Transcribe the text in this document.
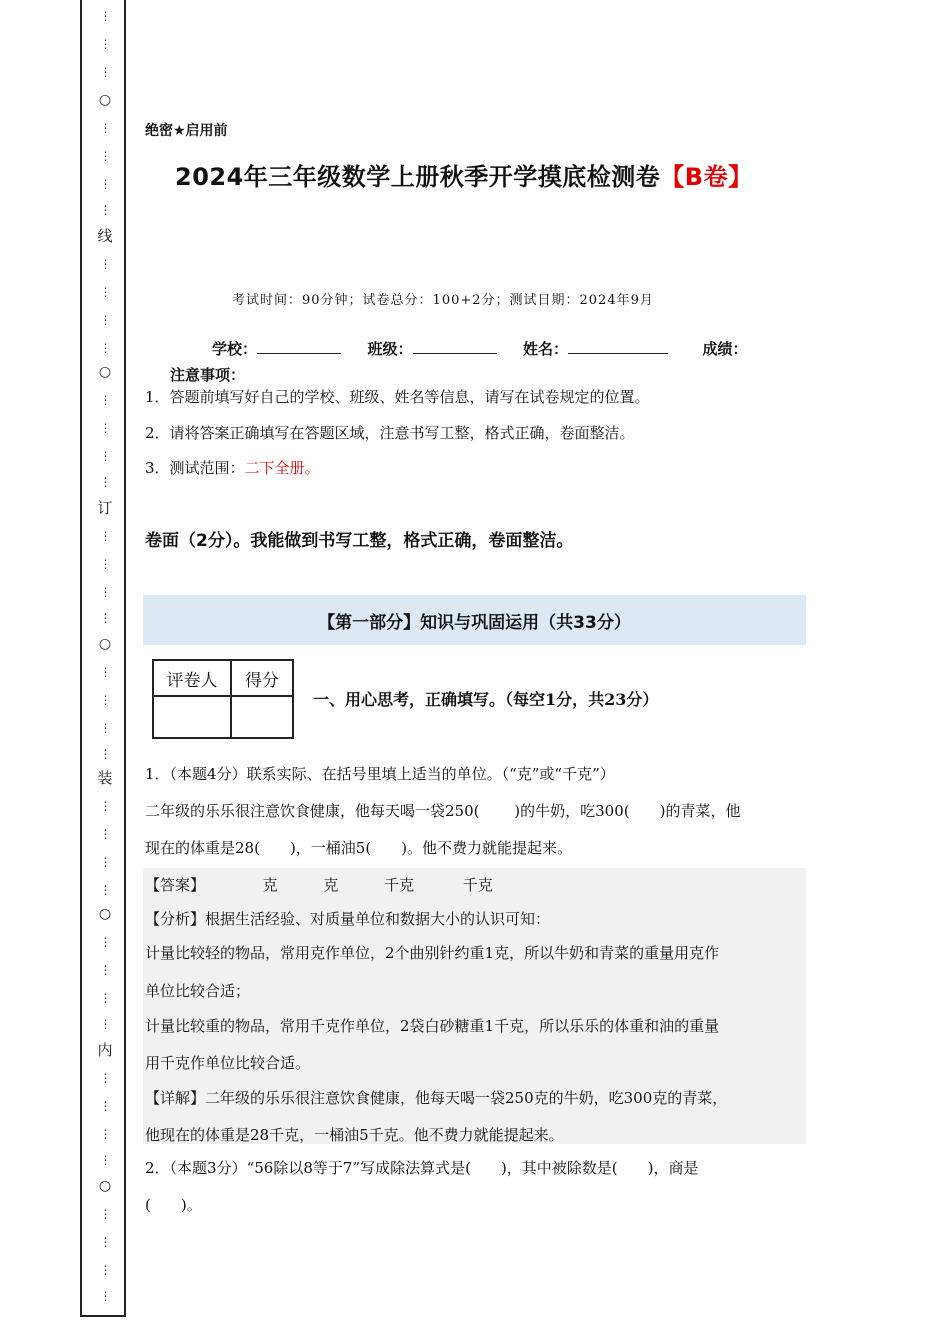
⋮
⋮
⋮
○
⋮
⋮
⋮
⋮
线
⋮
⋮
⋮
⋮
○
⋮
⋮
⋮
⋮
订
⋮
⋮
⋮
⋮
○
⋮
⋮
⋮
⋮
装
⋮
⋮
⋮
⋮
○
⋮
⋮
⋮
⋮
内
⋮
⋮
⋮
⋮
○
⋮
⋮
⋮
⋮
绝密★启用前
2024年三年级数学上册秋季开学摸底检测卷【B卷】
考试时间：90分钟；试卷总分：100+2分；测试日期：2024年9月
学校：	班级：	姓名：	成绩：
注意事项：
1．答题前填写好自己的学校、班级、姓名等信息，请写在试卷规定的位置。
2．请将答案正确填写在答题区域，注意书写工整，格式正确，卷面整洁。
3．测试范围：二下全册。
卷面（2分）。我能做到书写工整，格式正确，卷面整洁。
【第一部分】知识与巩固运用（共33分）
评卷人	得分

一、用心思考，正确填写。（每空1分，共23分）
1．（本题4分）联系实际、在括号里填上适当的单位。（“克”或“千克”）
二年级的乐乐很注意饮食健康，他每天喝一袋250(　　 )的牛奶，吃300(　　)的青菜，他
现在的体重是28(　　)，一桶油5(　　)。他不费力就能提起来。
【答案】	克	克	千克	千克
【分析】根据生活经验、对质量单位和数据大小的认识可知：
计量比较轻的物品，常用克作单位，2个曲别针约重1克，所以牛奶和青菜的重量用克作
单位比较合适；
计量比较重的物品，常用千克作单位，2袋白砂糖重1千克，所以乐乐的体重和油的重量
用千克作单位比较合适。
【详解】二年级的乐乐很注意饮食健康，他每天喝一袋250克的牛奶，吃300克的青菜，
他现在的体重是28千克，一桶油5千克。他不费力就能提起来。
2．（本题3分）“56除以8等于7”写成除法算式是(　　)，其中被除数是(　　)，商是
(　　)。
